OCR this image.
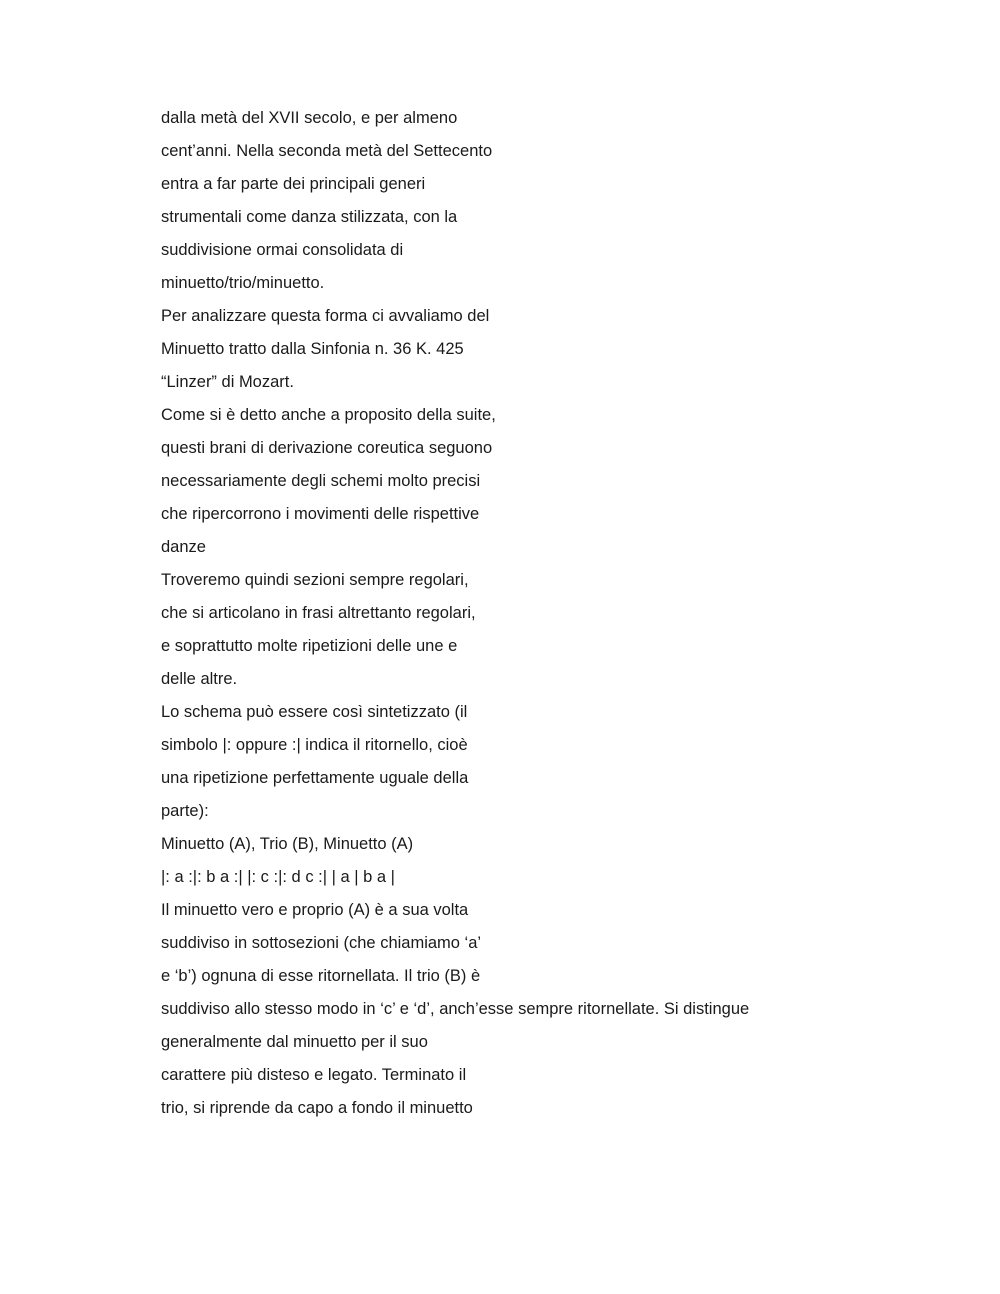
dalla metà del XVII secolo, e per almeno
cent’anni. Nella seconda metà del Settecento
entra a far parte dei principali generi
strumentali come danza stilizzata, con la
suddivisione ormai consolidata di
minuetto/trio/minuetto.
Per analizzare questa forma ci avvaliamo del
Minuetto tratto dalla Sinfonia n. 36 K. 425
“Linzer” di Mozart.
Come si è detto anche a proposito della suite,
questi brani di derivazione coreutica seguono
necessariamente degli schemi molto precisi
che ripercorrono i movimenti delle rispettive
danze
Troveremo quindi sezioni sempre regolari,
che si articolano in frasi altrettanto regolari,
e soprattutto molte ripetizioni delle une e
delle altre.
Lo schema può essere così sintetizzato (il
simbolo |: oppure :| indica il ritornello, cioè
una ripetizione perfettamente uguale della
parte):
Minuetto (A), Trio (B), Minuetto (A)
|: a :|: b a :| |: c :|: d c :| | a | b a |
Il minuetto vero e proprio (A) è a sua volta
suddiviso in sottosezioni (che chiamiamo ‘a’
e ‘b’) ognuna di esse ritornellata. Il trio (B) è
suddiviso allo stesso modo in ‘c’ e ‘d’, anch’esse sempre ritornellate. Si distingue
generalmente dal minuetto per il suo
carattere più disteso e legato. Terminato il
trio, si riprende da capo a fondo il minuetto
